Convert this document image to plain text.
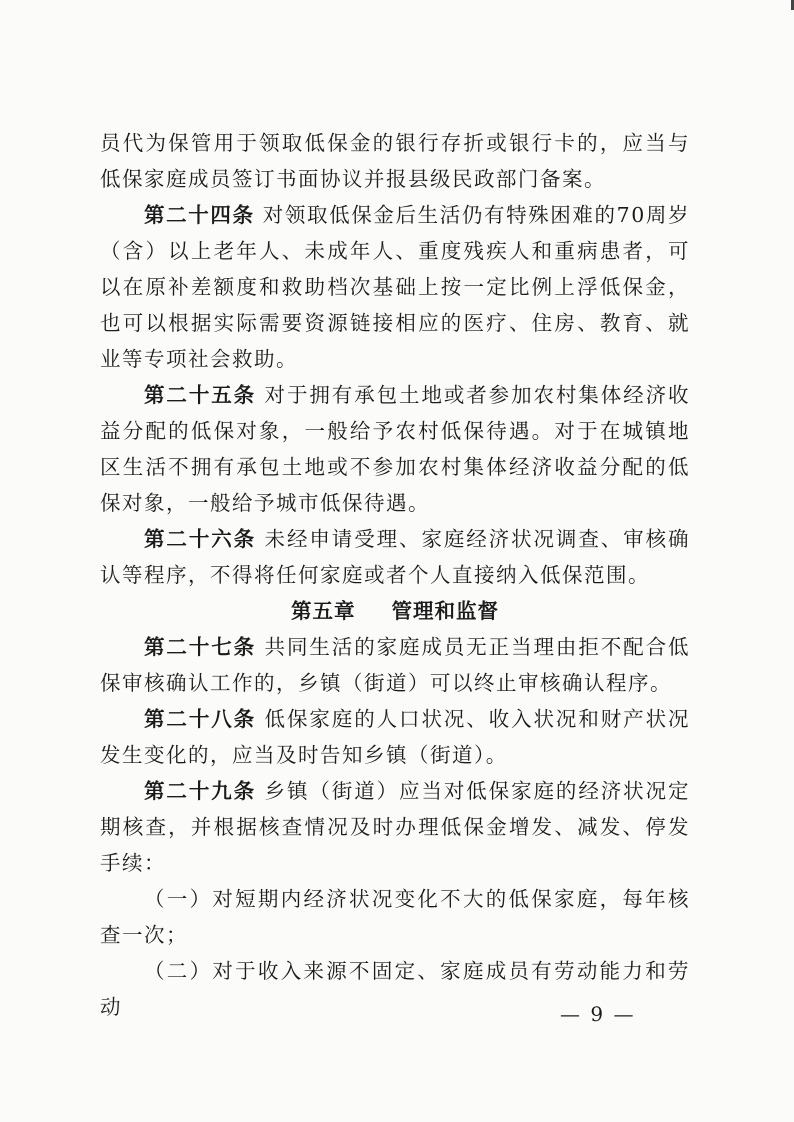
员代为保管用于领取低保金的银行存折或银行卡的，应当与低保家庭成员签订书面协议并报县级民政部门备案。

第二十四条 对领取低保金后生活仍有特殊困难的70周岁（含）以上老年人、未成年人、重度残疾人和重病患者，可以在原补差额度和救助档次基础上按一定比例上浮低保金，也可以根据实际需要资源链接相应的医疗、住房、教育、就业等专项社会救助。

第二十五条 对于拥有承包土地或者参加农村集体经济收益分配的低保对象，一般给予农村低保待遇。对于在城镇地区生活不拥有承包土地或不参加农村集体经济收益分配的低保对象，一般给予城市低保待遇。

第二十六条 未经申请受理、家庭经济状况调查、审核确认等程序，不得将任何家庭或者个人直接纳入低保范围。

第五章 管理和监督

第二十七条 共同生活的家庭成员无正当理由拒不配合低保审核确认工作的，乡镇（街道）可以终止审核确认程序。

第二十八条 低保家庭的人口状况、收入状况和财产状况发生变化的，应当及时告知乡镇（街道）。

第二十九条 乡镇（街道）应当对低保家庭的经济状况定期核查，并根据核查情况及时办理低保金增发、减发、停发手续：

（一）对短期内经济状况变化不大的低保家庭，每年核查一次；

（二）对于收入来源不固定、家庭成员有劳动能力和劳动	— 9 —
